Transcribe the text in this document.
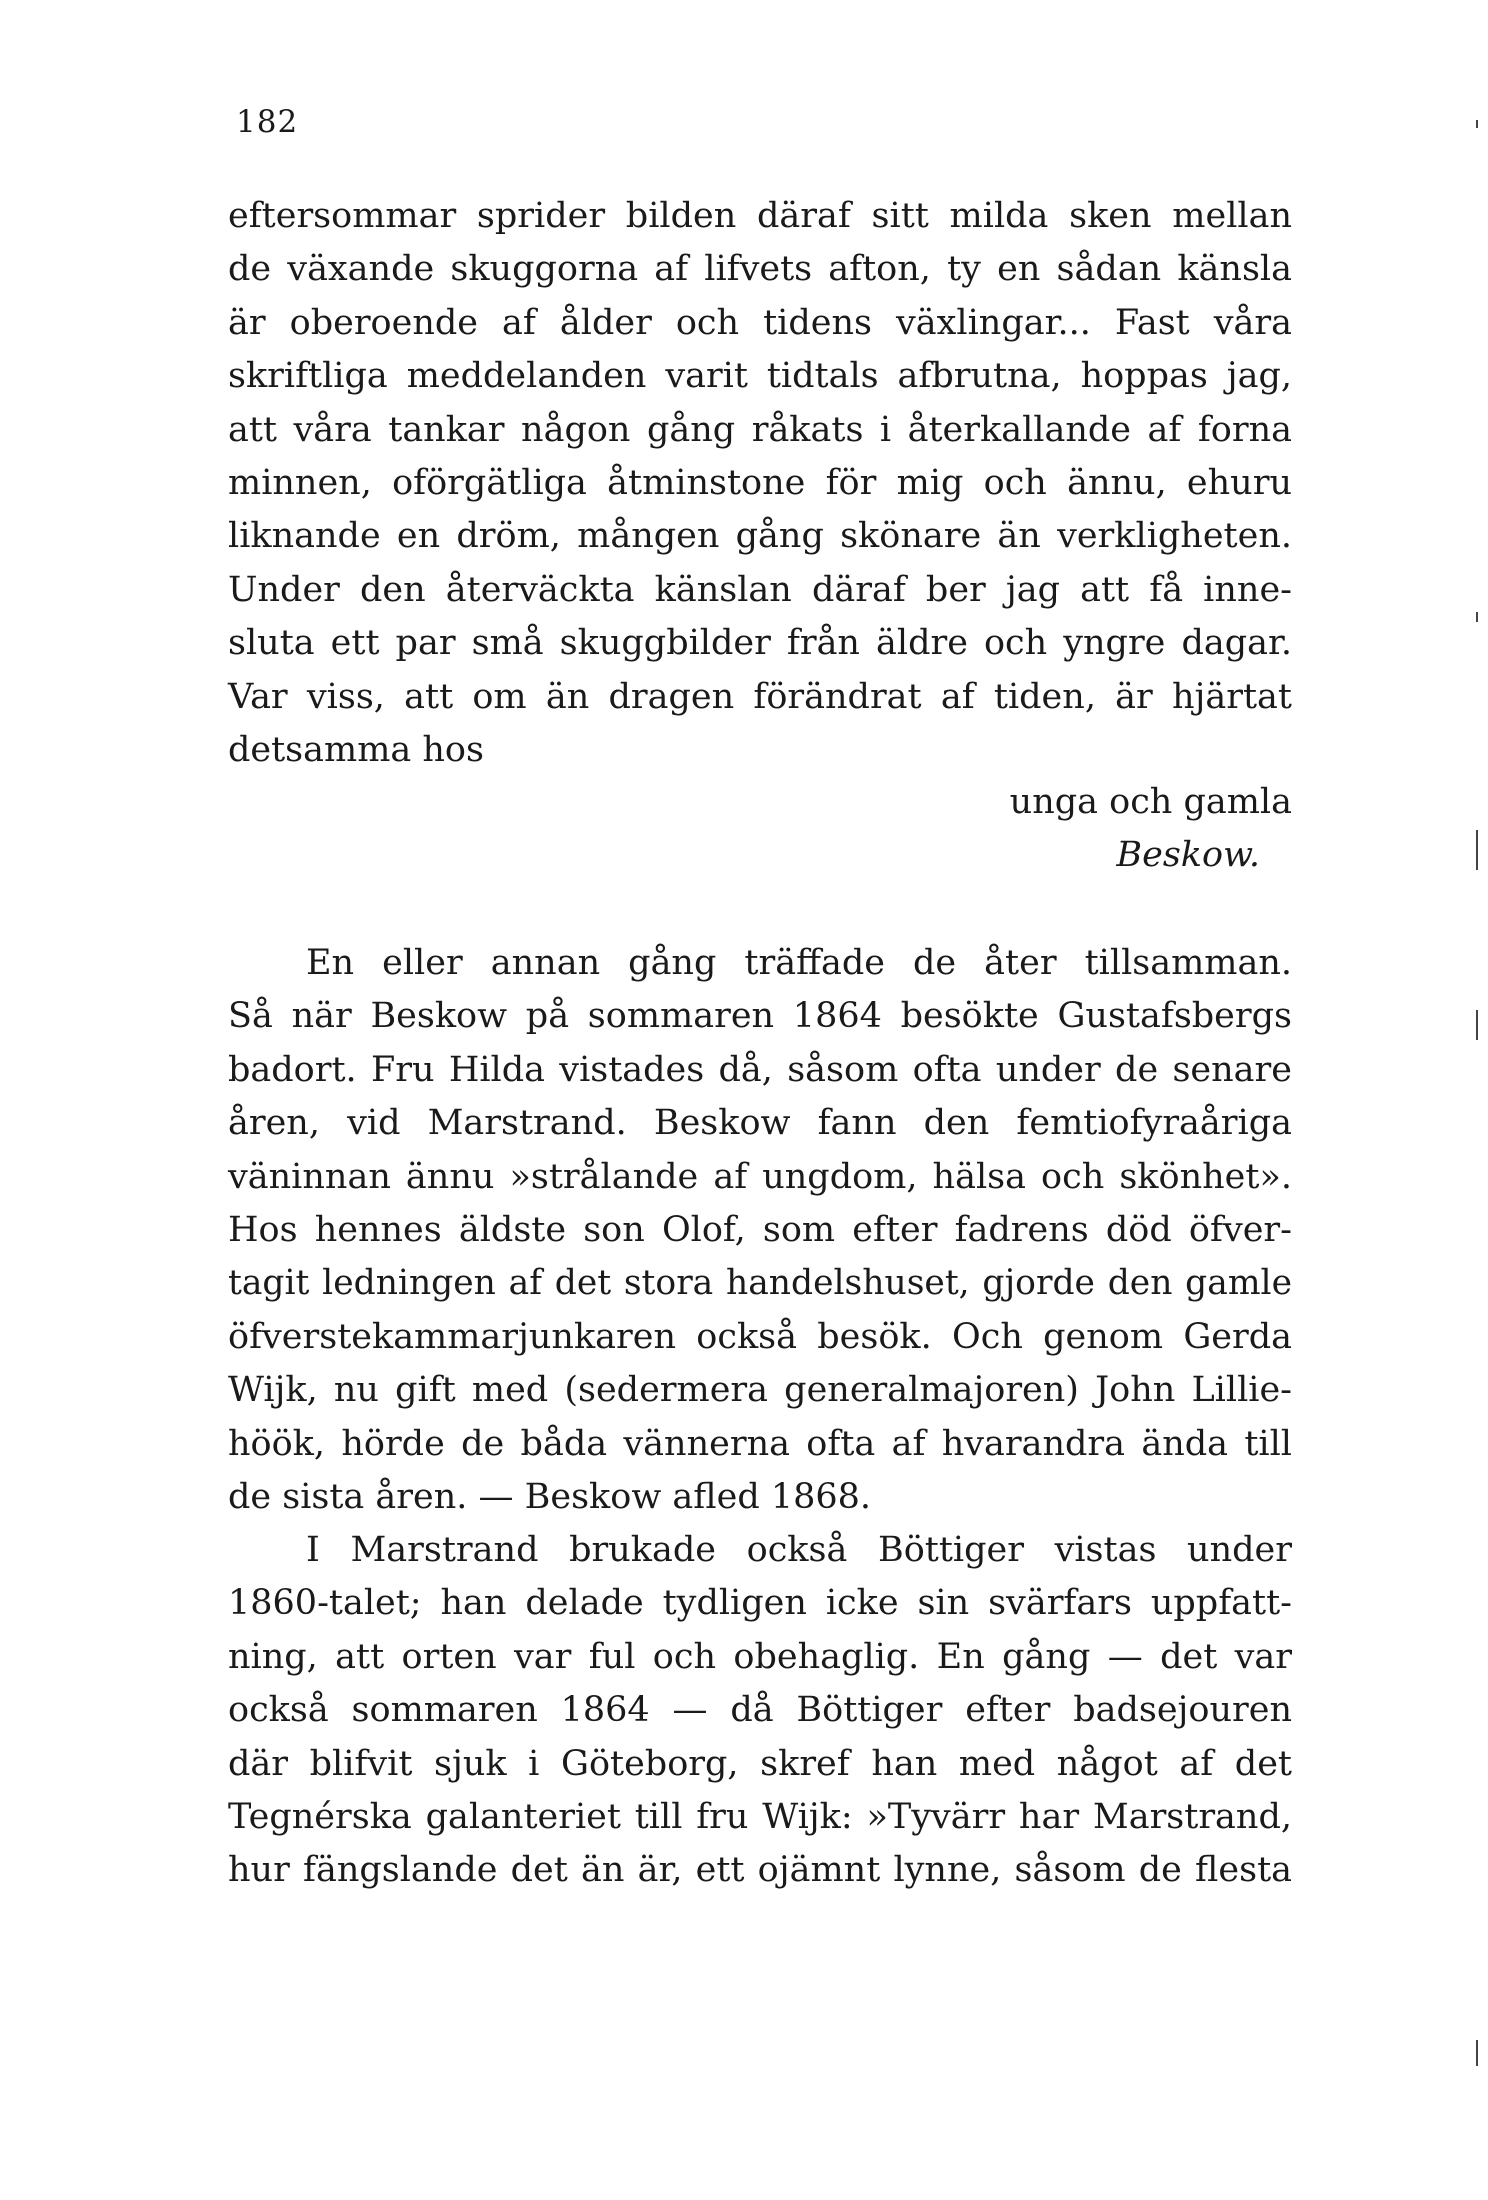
182
eftersommar sprider bilden däraf sitt milda sken mellan
de växande skuggorna af lifvets afton, ty en sådan känsla
är oberoende af ålder och tidens växlingar... Fast våra
skriftliga meddelanden varit tidtals afbrutna, hoppas jag,
att våra tankar någon gång råkats i återkallande af forna
minnen, oförgätliga åtminstone för mig och ännu, ehuru
liknande en dröm, mången gång skönare än verkligheten.
Under den återväckta känslan däraf ber jag att få inne-
sluta ett par små skuggbilder från äldre och yngre dagar.
Var viss, att om än dragen förändrat af tiden, är hjärtat
detsamma hos
unga och gamla
Beskow.
En eller annan gång träffade de åter tillsamman.
Så när Beskow på sommaren 1864 besökte Gustafsbergs
badort. Fru Hilda vistades då, såsom ofta under de senare
åren, vid Marstrand. Beskow fann den femtiofyraåriga
väninnan ännu »strålande af ungdom, hälsa och skönhet».
Hos hennes äldste son Olof, som efter fadrens död öfver-
tagit ledningen af det stora handelshuset, gjorde den gamle
öfverstekammarjunkaren också besök. Och genom Gerda
Wijk, nu gift med (sedermera generalmajoren) John Lillie-
höök, hörde de båda vännerna ofta af hvarandra ända till
de sista åren. — Beskow afled 1868.
I Marstrand brukade också Böttiger vistas under
1860-talet; han delade tydligen icke sin svärfars uppfatt-
ning, att orten var ful och obehaglig. En gång — det var
också sommaren 1864 — då Böttiger efter badsejouren
där blifvit sjuk i Göteborg, skref han med något af det
Tegnérska galanteriet till fru Wijk: »Tyvärr har Marstrand,
hur fängslande det än är, ett ojämnt lynne, såsom de flesta
